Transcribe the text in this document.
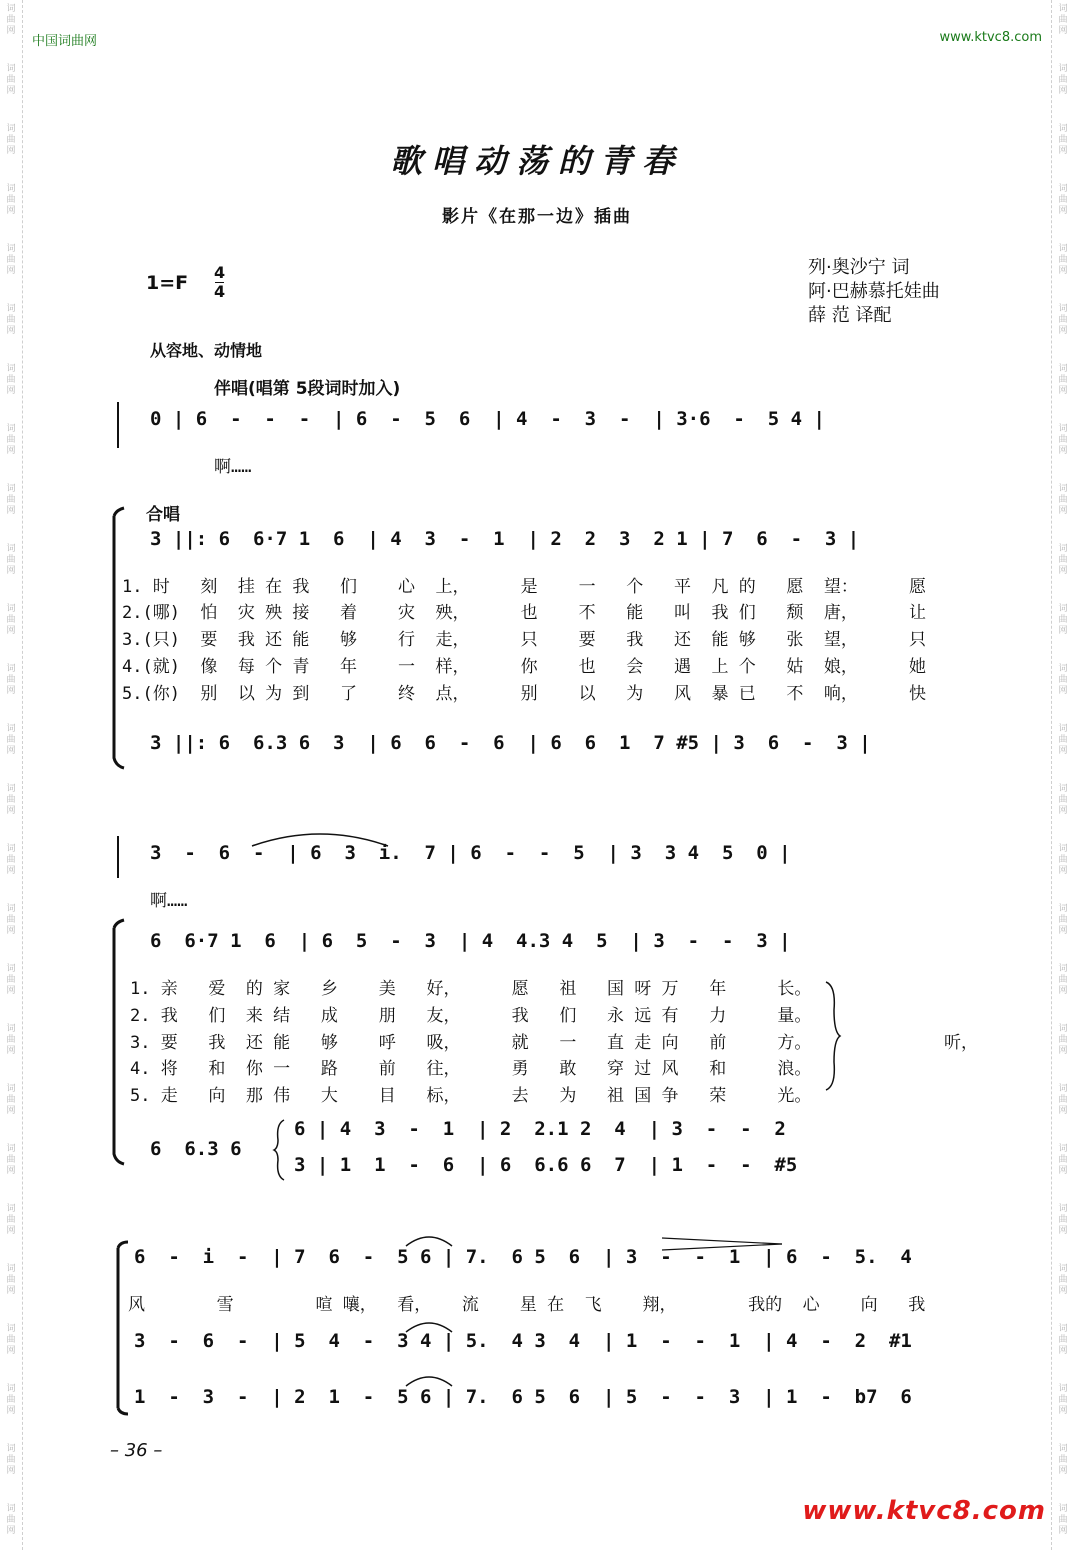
词曲网
词曲网
词曲网
词曲网
词曲网
词曲网
词曲网
词曲网
词曲网
词曲网
词曲网
词曲网
词曲网
词曲网
词曲网
词曲网
词曲网
词曲网
词曲网
词曲网
词曲网
词曲网
词曲网
词曲网
词曲网
词曲网
词曲网
词曲网
词曲网
词曲网
词曲网
词曲网
词曲网
词曲网
词曲网
词曲网
词曲网
词曲网
词曲网
词曲网
词曲网
词曲网
词曲网
词曲网
词曲网
词曲网
词曲网
词曲网
词曲网
词曲网
词曲网
词曲网
中国词曲网	www.ktvc8.com
歌唱动荡的青春
影片《在那一边》插曲
1=F 4
4
列·奥沙宁 词
阿·巴赫慕托娃曲
薛 范 译配
从容地、动情地
伴唱(唱第 5段词时加入)
0 | 6  -  -  -  | 6  -  5  6  | 4  -  3  -  | 3·6  -  5 4 |
啊……
合唱
3 ||: 6  6·7 1  6  | 4  3  -  1  | 2  2  3  2 1 | 7  6  -  3 |
1. 时   刻  挂 在 我   们    心  上，     是    一   个   平  凡 的   愿  望：     愿
2.(哪)  怕  灾 殃 接   着    灾  殃，     也    不   能   叫  我 们   颓  唐，     让
3.(只)  要  我 还 能   够    行  走，     只    要   我   还  能 够   张  望，     只
4.(就)  像  每 个 青   年    一  样，     你    也   会   遇  上 个   姑  娘，     她
5.(你)  别  以 为 到   了    终  点，     别    以   为   风  暴 已   不  响，     快
3 ||: 6  6.3 6  3  | 6  6  -  6  | 6  6  1  7 #5 | 3  6  -  3 |
3  -  6  -  | 6  3  i.  7 | 6  -  -  5  | 3  3 4  5  0 |
啊……
6  6·7 1  6  | 6  5  -  3  | 4  4.3 4  5  | 3  -  -  3 |
1. 亲   爱  的 家   乡    美   好，     愿   祖   国 呀 万   年     长。
2. 我   们  来 结   成    朋   友，     我   们   永 远 有   力     量。
3. 要   我  还 能   够    呼   吸，     就   一   直 走 向   前     方。
4. 将   和  你 一   路    前   往，     勇   敢   穿 过 风   和     浪。
5. 走   向  那 伟   大    目   标，     去   为   祖 国 争   荣     光。
听，
6  6.3 6
6 | 4  3  -  1  | 2  2.1 2  4  | 3  -  -  2
3 | 1  1  -  6  | 6  6.6 6  7  | 1  -  -  #5
6  -  i  -  | 7  6  -  5 6 | 7.  6 5  6  | 3  -  -  1  | 6  -  5.  4
风       雪        喧 嚷，  看，   流    星 在  飞    翔，       我的  心    向   我
3  -  6  -  | 5  4  -  3 4 | 5.  4 3  4  | 1  -  -  1  | 4  -  2  #1
1  -  3  -  | 2  1  -  5 6 | 7.  6 5  6  | 5  -  -  3  | 1  -  b7  6
– 36 –
www.ktvc8.com
